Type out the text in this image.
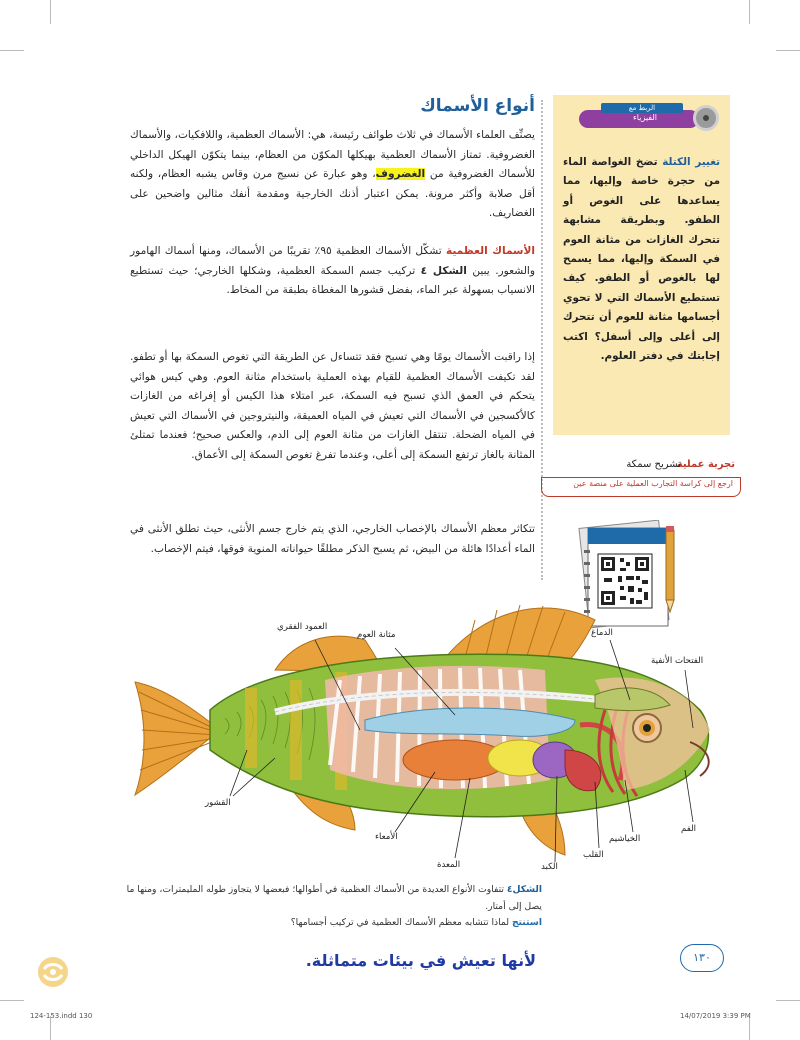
أنواع الأسماك

يصنِّف العلماء الأسماك في ثلاث طوائف رئيسة، هي: الأسماك العظمية، واللافكيات، والأسماك الغضروفية. تمتاز الأسماك العظمية بهيكلها المكوّن من العظام، بينما يتكوّن الهيكل الداخلي للأسماك الغضروفية من الغضروف، وهو عبارة عن نسيج مرن وقاس يشبه العظام، ولكنه أقل صلابة وأكثر مرونة. يمكن اعتبار أذنك الخارجية ومقدمة أنفك مثالين واضحين على الغضاريف.

الأسماك العظمية تشكّل الأسماك العظمية ٩٥٪ تقريبًا من الأسماك، ومنها أسماك الهامور والشعور. يبين الشكل ٤ تركيب جسم السمكة العظمية، وشكلها الخارجي؛ حيث تستطيع الانسياب بسهولة عبر الماء، بفضل قشورها المغطاة بطبقة من المخاط.

إذا راقبت الأسماك يومًا وهي تسبح فقد تتساءل عن الطريقة التي تغوص السمكة بها أو تطفو. لقد تكيفت الأسماك العظمية للقيام بهذه العملية باستخدام مثانة العوم. وهي كيس هوائي يتحكم في العمق الذي تسبح فيه السمكة، عبر امتلاء هذا الكيس أو إفراغه من الغازات كالأكسجين في الأسماك التي تعيش في المياه العميقة، والنيتروجين في الأسماك التي تعيش في المياه الضحلة. تنتقل الغازات من مثانة العوم إلى الدم، والعكس صحيح؛ فعندما تمتلئ المثانة بالغاز ترتفع السمكة إلى أعلى، وعندما تفرغ تغوص السمكة إلى الأعماق.

تتكاثر معظم الأسماك بالإخصاب الخارجي، الذي يتم خارج جسم الأنثى، حيث تطلق الأنثى في الماء أعدادًا هائلة من البيض، ثم يسبح الذكر مطلقًا حيواناته المنوية فوقها، فيتم الإخصاب.

الربط مع
الفيزياء

تغيير الكتلة تضخ الغواصة الماء من حجرة خاصة وإليها، مما يساعدها على الغوص أو الطفو. وبطريقة مشابهة تتحرك الغازات من مثانة العوم في السمكة وإليها، مما يسمح لها بالغوص أو الطفو. كيف تستطيع الأسماك التي لا تحوي أجسامها مثانة للعوم أن تتحرك إلى أعلى وإلى أسفل؟ اكتب إجابتك في دفتر العلوم.

تجربة عملية
تشريح سمكة
ارجع إلى كراسة التجارب العملية على منصة عين
العمود الفقري
مثانة العوم	الدماغ
الفتحات الأنفية
الفم
الخياشيم
القلب
الكبد
المعدة
الأمعاء
القشور
الشكل٤ تتفاوت الأنواع العديدة من الأسماك العظمية في أطوالها؛ فبعضها لا يتجاوز طوله المليمترات، ومنها ما يصل إلى أمتار.
استنتج لماذا تتشابه معظم الأسماك العظمية في تركيب أجسامها؟
لأنها تعيش في بيئات متماثلة.	١٣٠
124-153.indd 130	14/07/2019 3:39 PM
